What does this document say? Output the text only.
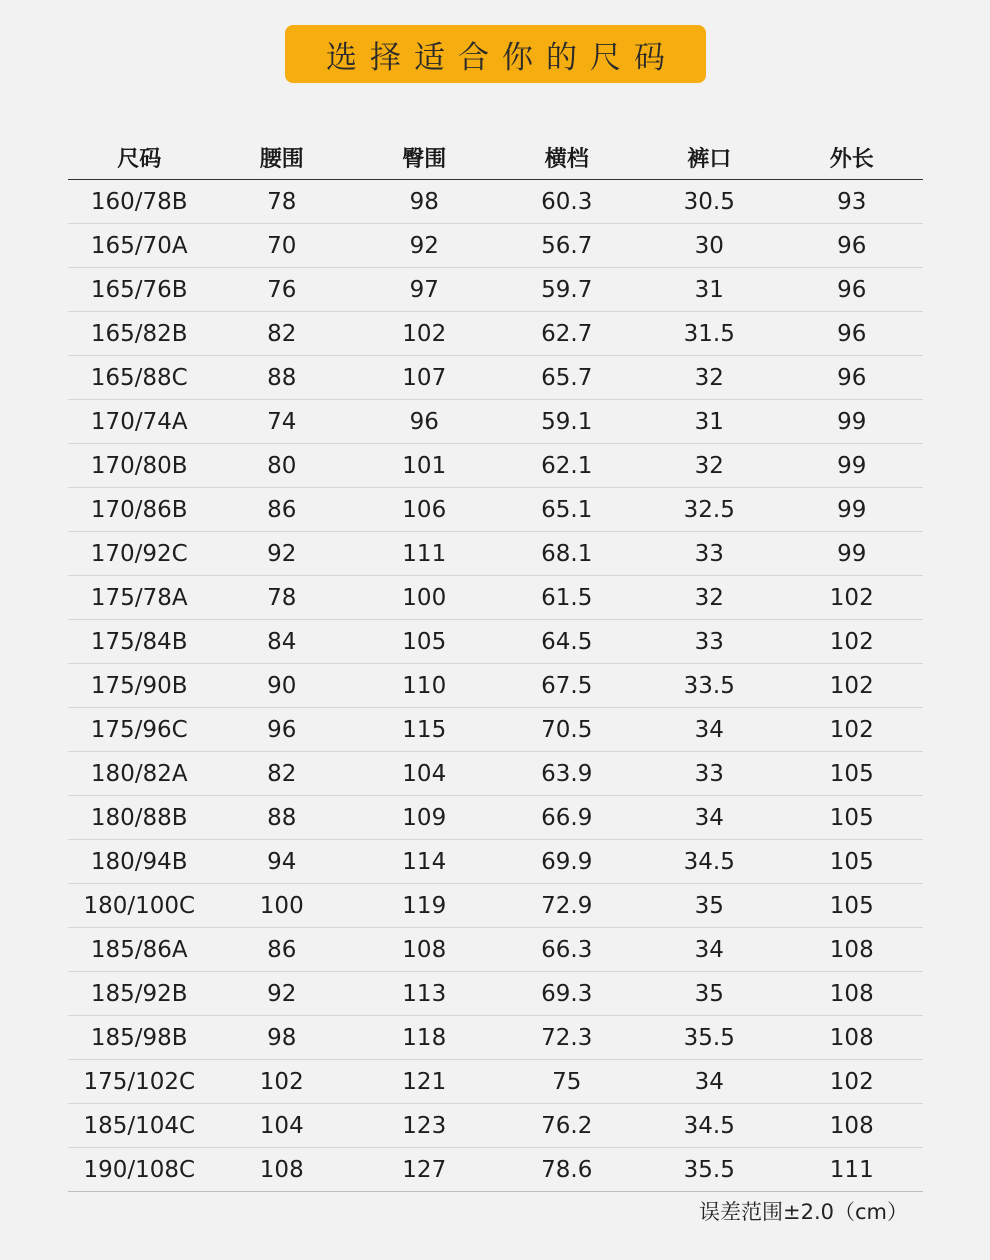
选择适合你的尺码
尺码	腰围	臀围	横档	裤口	外长
160/78B	78	98	60.3	30.5	93
165/70A	70	92	56.7	30	96
165/76B	76	97	59.7	31	96
165/82B	82	102	62.7	31.5	96
165/88C	88	107	65.7	32	96
170/74A	74	96	59.1	31	99
170/80B	80	101	62.1	32	99
170/86B	86	106	65.1	32.5	99
170/92C	92	111	68.1	33	99
175/78A	78	100	61.5	32	102
175/84B	84	105	64.5	33	102
175/90B	90	110	67.5	33.5	102
175/96C	96	115	70.5	34	102
180/82A	82	104	63.9	33	105
180/88B	88	109	66.9	34	105
180/94B	94	114	69.9	34.5	105
180/100C	100	119	72.9	35	105
185/86A	86	108	66.3	34	108
185/92B	92	113	69.3	35	108
185/98B	98	118	72.3	35.5	108
175/102C	102	121	75	34	102
185/104C	104	123	76.2	34.5	108
190/108C	108	127	78.6	35.5	111
误差范围±2.0（cm）
